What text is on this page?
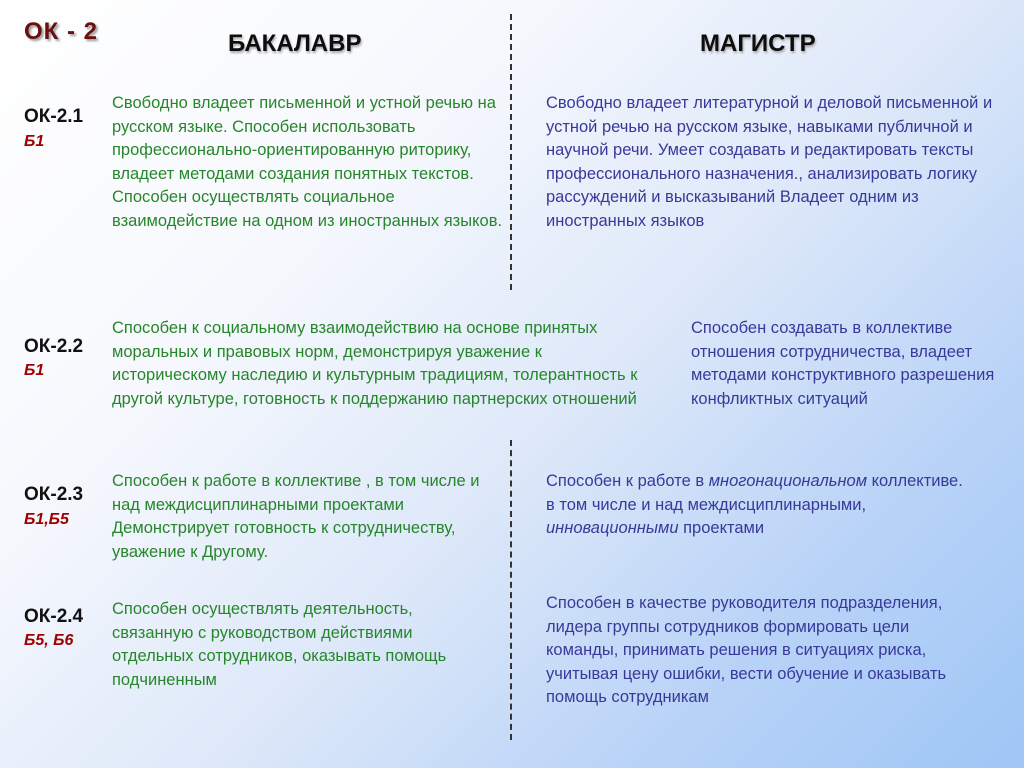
ОК - 2	БАКАЛАВР	МАГИСТР
ОК-2.1
Б1
Свободно владеет письменной и устной речью на русском языке. Способен использовать профессионально-ориентированную риторику, владеет методами создания понятных текстов. Способен осуществлять социальное взаимодействие на одном из иностранных языков.
Свободно владеет литературной и деловой письменной и устной речью на русском языке, навыками публичной и научной речи. Умеет создавать и редактировать тексты профессионального назначения., анализировать логику рассуждений и высказываний Владеет одним из иностранных языков
ОК-2.2
Б1
Способен к социальному взаимодействию на основе принятых моральных и правовых норм, демонстрируя уважение к историческому наследию и культурным традициям, толерантность к другой культуре, готовность к поддержанию партнерских отношений
Способен создавать в коллективе отношения сотрудничества, владеет методами конструктивного разрешения конфликтных ситуаций
ОК-2.3
Б1,Б5
Способен к работе в коллективе , в том числе и над междисциплинарными проектами Демонстрирует готовность к сотрудничеству, уважение к Другому.
Способен к работе в многонациональном коллективе. в том числе и над междисциплинарными, инновационными проектами
ОК-2.4
Б5, Б6
Способен осуществлять деятельность, связанную с руководством действиями отдельных сотрудников, оказывать помощь подчиненным
Способен в качестве руководителя подразделения, лидера группы сотрудников формировать цели команды, принимать решения в ситуациях риска, учитывая цену ошибки, вести обучение и оказывать помощь сотрудникам
